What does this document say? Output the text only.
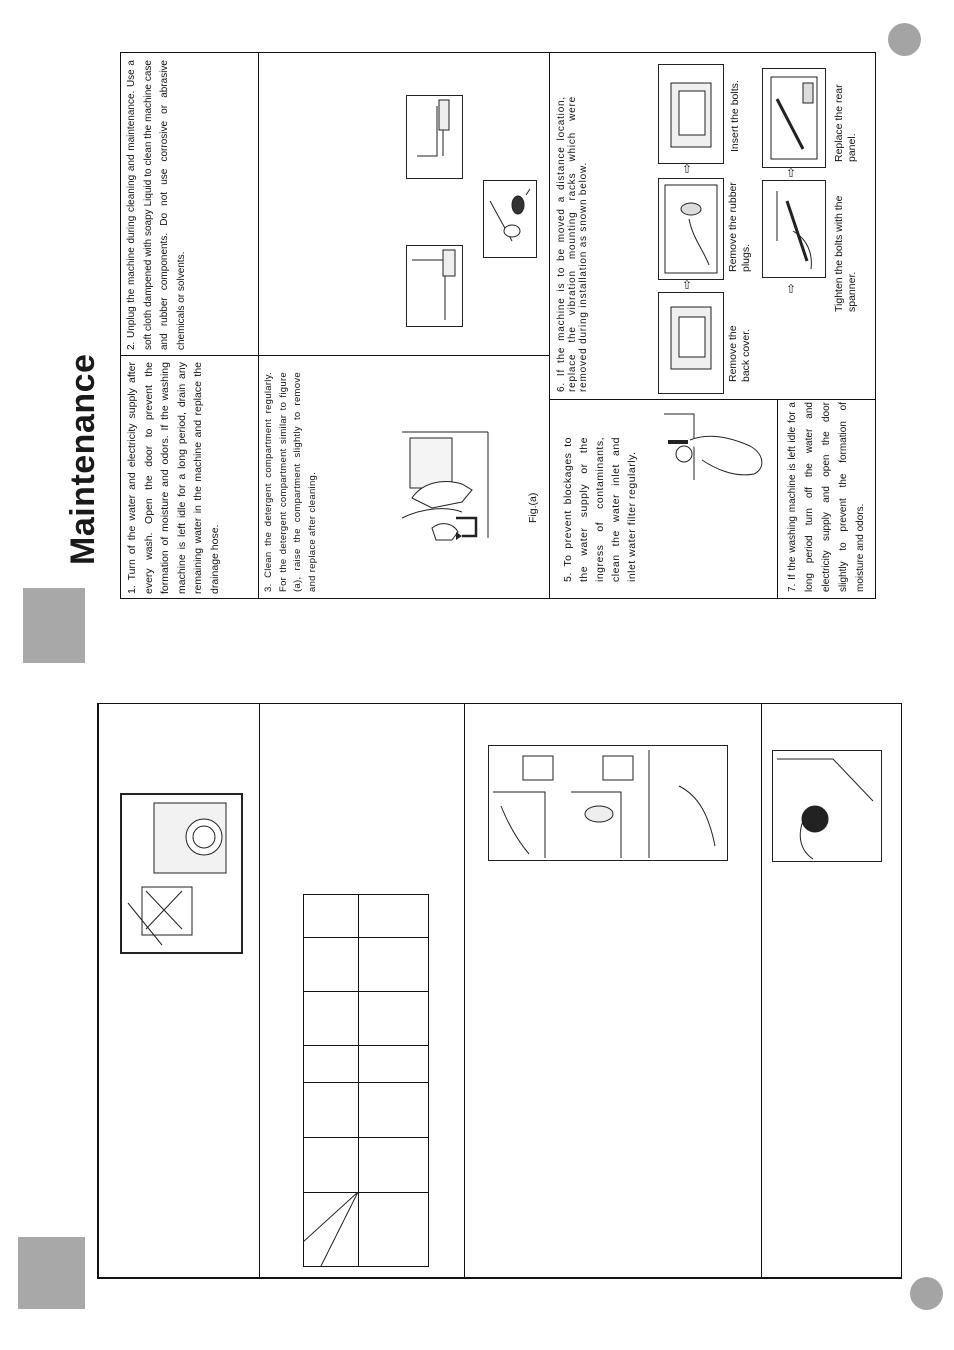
Maintenance 1. Turn of the water and electricity supply after every wash. Open the door to prevent the formation of moisture and odors. If the washing machine is left idle for a long period, drain any remaining water in the machine and replace the drainage hose.
2. Unplug the machine during cleaning and maintenance. Use a soft cloth dampened with soapy Liquid to clean the machine case and rubber components. Do not use corrosive or abrasive chemicals or solvents.
3. Clean the detergent compartment regularly. For the detergent compartment similar to figure (a), raise the compartment slightly to remove and replace after cleaning.	5. To prevent blockages to the water supply or the ingress of contaminants, clean the water inlet and inlet water filter regularly.
6. If the machine is to be moved a distance location, replace the vibration mounting racks which were removed during installation as snown below.
7. If the washing machine is left idle for a long period turn off the water and electricity supply and open the door slightly to prevent the formation of moisture and odors.
Fig.(a)
⇧
⇧
⇧
⇧
Remove the back cover.
Remove the rubber plugs.
Insert the bolts.
Tighten the bolts with the spanner.
Replace the rear panel.
